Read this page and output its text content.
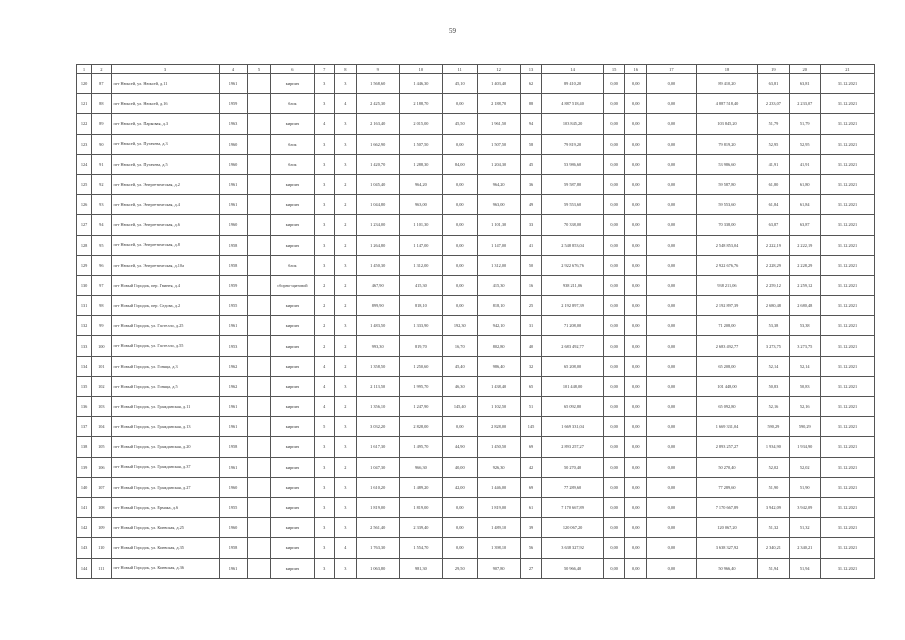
59
1	2	3	4	5	6	7	8	9	10	11	12	13	14	15	16	17	18	19	20	21
120	87	пгт Нюксей, ул. Нюксей, д.11	1961		кирпич	3	3	1 568,60	1 446,30	45,10	1 403,40	62	89 410,20	0,00	0,00	0,00	89 410,20	63,81	63,81	31.12.2021
121	88	пгт Нюксей, ул. Нюксей, д.16	1959		блок	3	4	2 425,30	2 188,70	0,00	2 188,70	88	4 887 518,40	0,00	0,00	0,00	4 887 518,40	2 233,07	2 233,07	31.12.2021
122	89	пгт Нюксей, ул. Парковая, д.3	1963		кирпич	4	3	2 163,40	2 015,00	45,50	1 961,50	94	103 845,20	0,00	0,00	0,00	103 845,20	51,79	51,79	31.12.2021
123	90	пгт Нюксей, ул. Пугачева, д.3	1960		блок	3	3	1 662,90	1 507,50	0,00	1 507,50	58	79 819,20	0,00	0,00	0,00	79 819,20	52,95	52,95	31.12.2021
124	91	пгт Нюксей, ул. Пугачева, д.5	1960		блок	3	3	1 420,70	1 288,30	84,00	1 204,30	45	53 986,60	0,00	0,00	0,00	53 986,60	41,91	41,91	31.12.2021
125	92	пгт Нюксей, ул. Энергетическая, д.2	1961		кирпич	3	2	1 045,40	964,20	0,00	964,20	36	59 587,80	0,00	0,00	0,00	59 587,80	61,80	61,80	31.12.2021
126	93	пгт Нюксей, ул. Энергетическая, д.4	1961		кирпич	3	2	1 044,80	963,00	0,00	963,00	49	59 553,60	0,00	0,00	0,00	59 553,60	61,84	61,84	31.12.2021
127	94	пгт Нюксей, ул. Энергетическая, д.6	1960		кирпич	3	2	1 234,00	1 101,30	0,00	1 101,30	33	70 338,00	0,00	0,00	0,00	70 338,00	63,87	63,87	31.12.2021
128	95	пгт Нюксей, ул. Энергетическая, д.8	1958		кирпич	3	2	1 264,80	1 147,00	0,00	1 147,00	41	2 548 853,04	0,00	0,00	0,00	2 548 853,04	2 222,19	2 222,19	31.12.2021
129	96	пгт Нюксей, ул. Энергетическая, д.10а	1958		блок	3	3	1 450,30	1 312,00	0,00	1 312,00	50	2 922 676,76	0,00	0,00	0,00	2 922 676,76	2 228,29	2 228,29	31.12.2021
130	97	пгт Новый Городок, пер. Гвинея, д.4	1959		сборно-щитовой	2	2	467,90	415,30	0,00	415,30	16	938 211,06	0,00	0,00	0,00	938 211,06	2 259,12	2 259,12	31.12.2021
131	98	пгт Новый Городок, пер. Седова, д.2	1955		кирпич	2	2	899,90	818,10	0,00	818,10	25	2 192 897,39	0,00	0,00	0,00	2 192 897,39	2 680,48	2 680,48	31.12.2021
132	99	пгт Новый Городок, ул. Гастелло, д.25	1961		кирпич	2	3	1 483,50	1 333,90	192,30	942,10	31	71 208,00	0,00	0,00	0,00	71 208,00	53,38	53,38	31.12.2021
133	100	пгт Новый Городок, ул. Гастелло, д.55	1953		кирпич	2	2	993,30	819,70	16,70	802,80	40	2 683 492,77	0,00	0,00	0,00	2 683 492,77	3 273,75	3 273,75	31.12.2021
134	101	пгт Новый Городок, ул. Гоняца, д.3	1962		кирпич	4	2	1 358,50	1 250,60	45,40	986,40	32	65 208,00	0,00	0,00	0,00	65 208,00	52,14	52,14	31.12.2021
135	102	пгт Новый Городок, ул. Гоняца, д.5	1962		кирпич	4	3	2 113,50	1 995,70	46,30	1 438,40	65	101 448,00	0,00	0,00	0,00	101 448,00	50,83	50,83	31.12.2021
136	103	пгт Новый Городок, ул. Гражданская, д.11	1961		кирпич	4	2	1 356,10	1 247,90	145,40	1 102,50	51	65 092,80	0,00	0,00	0,00	65 092,80	52,16	52,16	31.12.2021
137	104	пгт Новый Городок, ул. Гражданская, д.13	1961		кирпич	5	3	3 032,20	2 828,00	0,00	2 828,00	145	1 669 331,04	0,00	0,00	0,00	1 669 331,04	590,29	590,29	31.12.2021
138	105	пгт Новый Городок, ул. Гражданская, д.20	1958		кирпич	3	3	1 617,30	1 495,70	44,90	1 450,50	69	2 893 257,27	0,00	0,00	0,00	2 893 257,27	1 934,90	1 934,90	31.12.2021
139	106	пгт Новый Городок, ул. Гражданская, д.37	1961		кирпич	3	2	1 047,30	966,30	40,00	926,30	42	50 270,40	0,00	0,00	0,00	50 270,40	52,02	52,02	31.12.2021
140	107	пгт Новый Городок, ул. Гражданская, д.27	1960		кирпич	3	3	1 610,20	1 489,20	42,00	1 446,00	69	77 289,60	0,00	0,00	0,00	77 289,60	51,90	51,90	31.12.2021
141	108	пгт Новый Городок, ул. Ермака, д.6	1955		кирпич	3	3	1 819,00	1 819,00	0,00	1 819,00	61	7 170 667,89	0,00	0,00	0,00	7 170 667,89	3 942,09	3 942,09	31.12.2021
142	109	пгт Новый Городок, ул. Киевская, д.25	1960		кирпич	3	3	2 561,40	2 339,40	0,00	1 489,10	39	120 067,20	0,00	0,00	0,00	120 067,20	51,32	51,32	31.12.2021
143	110	пгт Новый Городок, ул. Киевская, д.35	1958		кирпич	3	4	1 763,30	1 554,70	0,00	1 398,10	56	3 638 327,92	0,00	0,00	0,00	3 638 327,92	2 340,21	2 340,21	31.12.2021
144	111	пгт Новый Городок, ул. Киевская, д.36	1961		кирпич	3	3	1 063,80	981,30	29,50	907,80	27	50 966,40	0,00	0,00	0,00	50 966,40	51,94	51,94	31.12.2021
